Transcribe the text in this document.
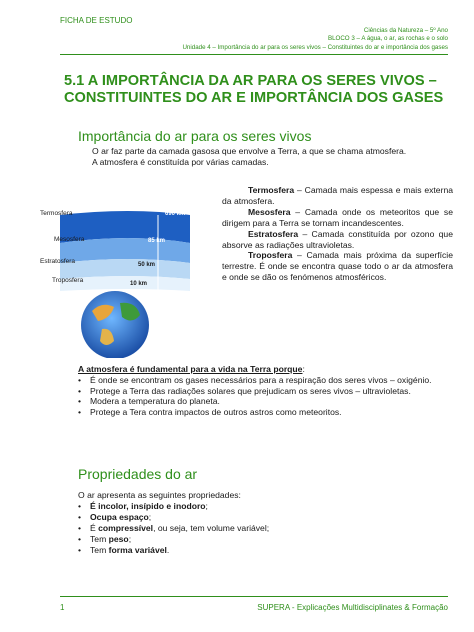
FICHA DE ESTUDO
Ciências da Natureza – 5º Ano
BLOCO 3 – A água, o ar, as rochas e o solo
Unidade 4 – Importância do ar para os seres vivos – Constituintes do ar e importância dos gases
5.1 A IMPORTÂNCIA DA AR PARA OS SERES VIVOS –
CONSTITUINTES DO AR E IMPORTÂNCIA DOS GASES
Importância do ar para os seres vivos

O ar faz parte da camada gasosa que envolve a Terra, a que se chama atmosfera.

A atmosfera é constituída por várias camadas.

Termosfera
Mesosfera
Estratosfera
Troposfera
690 km
85 km
50 km
10 km

Termosfera – Camada mais espessa e mais externa da atmosfera.

Mesosfera – Camada onde os meteoritos que se dirigem para a Terra se tornam incandescentes.

Estratosfera – Camada constituída por ozono que absorve as radiações ultravioletas.

Troposfera – Camada mais próxima da superfície terrestre. É onde se encontra quase todo o ar da atmosfera e onde se dão os fenómenos atmosféricos.

A atmosfera é fundamental para a vida na Terra porque:
• É onde se encontram os gases necessários para a respiração dos seres vivos – oxigénio.
• Protege a Terra das radiações solares que prejudicam os seres vivos – ultravioletas.
• Modera a temperatura do planeta.
• Protege a Tera contra impactos de outros astros como meteoritos.
Propriedades do ar
O ar apresenta as seguintes propriedades:
• É incolor, insípido e inodoro;
• Ocupa espaço;
• É compressível, ou seja, tem volume variável;
• Tem peso;
• Tem forma variável.
1	SUPERA - Explicações Multidisciplinates & Formação
